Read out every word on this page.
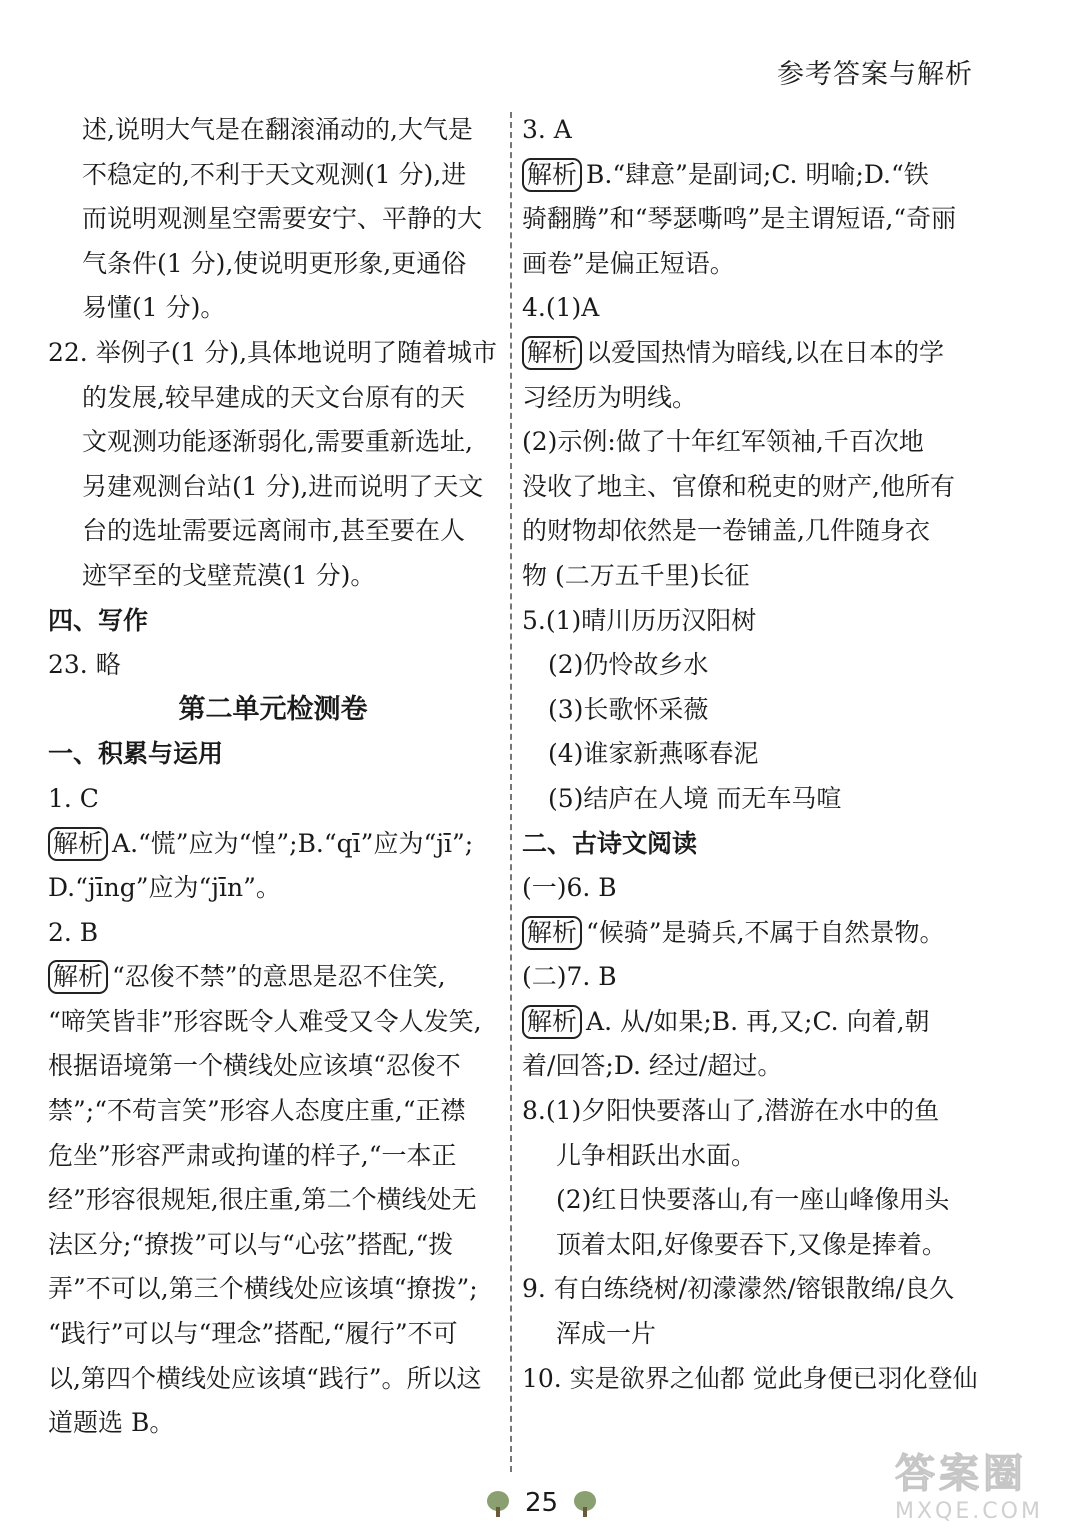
参考答案与解析
述,说明大气是在翻滚涌动的,大气是
不稳定的,不利于天文观测(1 分),进
而说明观测星空需要安宁、平静的大
气条件(1 分),使说明更形象,更通俗
易懂(1 分)。
22. 举例子(1 分),具体地说明了随着城市
的发展,较早建成的天文台原有的天
文观测功能逐渐弱化,需要重新选址,
另建观测台站(1 分),进而说明了天文
台的选址需要远离闹市,甚至要在人
迹罕至的戈壁荒漠(1 分)。
四、写作
23. 略
第二单元检测卷
一、积累与运用
1. C
解析 A.“慌”应为“惶”;B.“qī”应为“jī”;
D.“jīng”应为“jīn”。
2. B
解析 “忍俊不禁”的意思是忍不住笑,
“啼笑皆非”形容既令人难受又令人发笑,
根据语境第一个横线处应该填“忍俊不
禁”;“不苟言笑”形容人态度庄重,“正襟
危坐”形容严肃或拘谨的样子,“一本正
经”形容很规矩,很庄重,第二个横线处无
法区分;“撩拨”可以与“心弦”搭配,“拨
弄”不可以,第三个横线处应该填“撩拨”;
“践行”可以与“理念”搭配,“履行”不可
以,第四个横线处应该填“践行”。所以这
道题选 B。
3. A
解析 B.“肆意”是副词;C. 明喻;D.“铁
骑翻腾”和“琴瑟嘶鸣”是主谓短语,“奇丽
画卷”是偏正短语。
4.(1)A
解析 以爱国热情为暗线,以在日本的学
习经历为明线。
(2)示例:做了十年红军领袖,千百次地
没收了地主、官僚和税吏的财产,他所有
的财物却依然是一卷铺盖,几件随身衣
物 (二万五千里)长征
5.(1)晴川历历汉阳树
(2)仍怜故乡水
(3)长歌怀采薇
(4)谁家新燕啄春泥
(5)结庐在人境 而无车马喧
二、古诗文阅读
(一)6. B
解析 “候骑”是骑兵,不属于自然景物。
(二)7. B
解析 A. 从/如果;B. 再,又;C. 向着,朝
着/回答;D. 经过/超过。
8.(1)夕阳快要落山了,潜游在水中的鱼
儿争相跃出水面。
(2)红日快要落山,有一座山峰像用头
顶着太阳,好像要吞下,又像是捧着。
9. 有白练绕树/初濛濛然/镕银散绵/良久
浑成一片
10. 实是欲界之仙都 觉此身便已羽化登仙
25
答案圈
MXQE.COM
